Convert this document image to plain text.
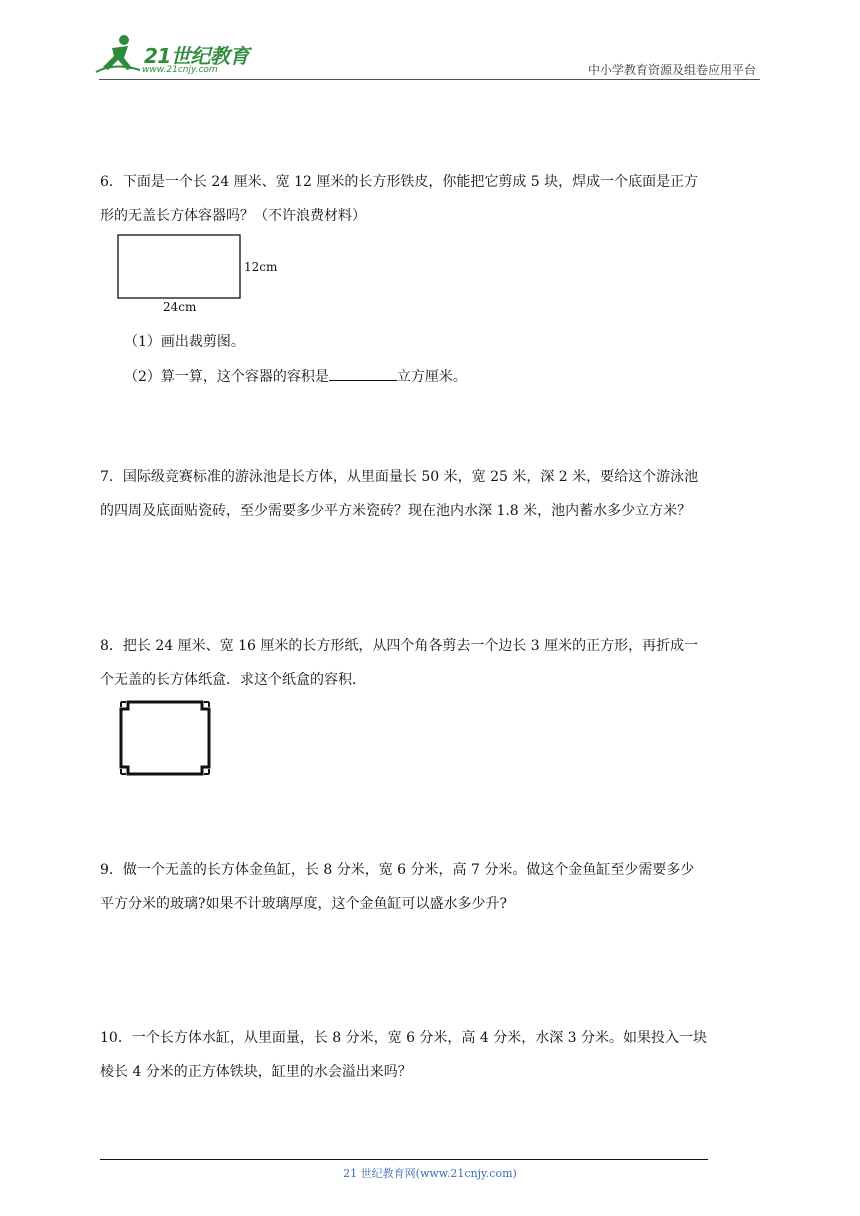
21世纪教育
www.21cnjy.com	中小学教育资源及组卷应用平台
6．下面是一个长 24 厘米、宽 12 厘米的长方形铁皮，你能把它剪成 5 块，焊成一个底面是正方
形的无盖长方体容器吗？（不许浪费材料）
12cm
24cm
（1）画出裁剪图。
（2）算一算，这个容器的容积是	立方厘米。
7．国际级竞赛标准的游泳池是长方体，从里面量长 50 米，宽 25 米，深 2 米，要给这个游泳池
的四周及底面贴瓷砖，至少需要多少平方米瓷砖？现在池内水深 1.8 米，池内蓄水多少立方米？
8．把长 24 厘米、宽 16 厘米的长方形纸，从四个角各剪去一个边长 3 厘米的正方形，再折成一
个无盖的长方体纸盒．求这个纸盒的容积．
9．做一个无盖的长方体金鱼缸，长 8 分米，宽 6 分米，高 7 分米。做这个金鱼缸至少需要多少
平方分米的玻璃?如果不计玻璃厚度，这个金鱼缸可以盛水多少升?
10．一个长方体水缸，从里面量，长 8 分米，宽 6 分米，高 4 分米，水深 3 分米。如果投入一块
棱长 4 分米的正方体铁块，缸里的水会溢出来吗？
21 世纪教育网(www.21cnjy.com)
